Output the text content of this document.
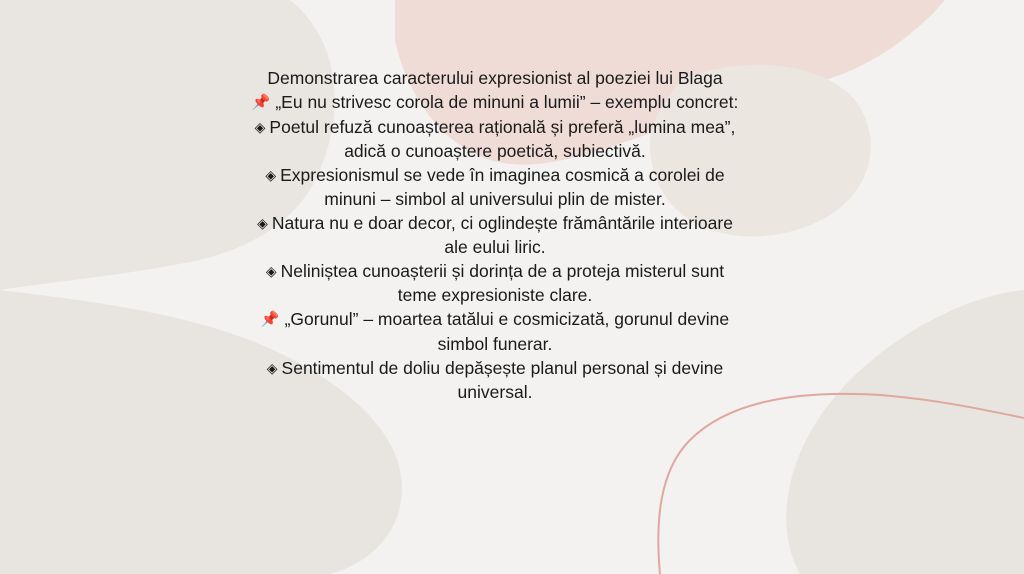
Demonstrarea caracterului expresionist al poeziei lui Blaga
📌 „Eu nu strivesc corola de minuni a lumii” – exemplu concret:
◈ Poetul refuză cunoașterea rațională și preferă „lumina mea”, adică o cunoaștere poetică, subiectivă.
◈ Expresionismul se vede în imaginea cosmică a corolei de minuni – simbol al universului plin de mister.
◈ Natura nu e doar decor, ci oglindește frământările interioare ale eului liric.
◈ Neliniștea cunoașterii și dorința de a proteja misterul sunt teme expresioniste clare.
📌 „Gorunul” – moartea tatălui e cosmicizată, gorunul devine simbol funerar.
◈ Sentimentul de doliu depășește planul personal și devine universal.
